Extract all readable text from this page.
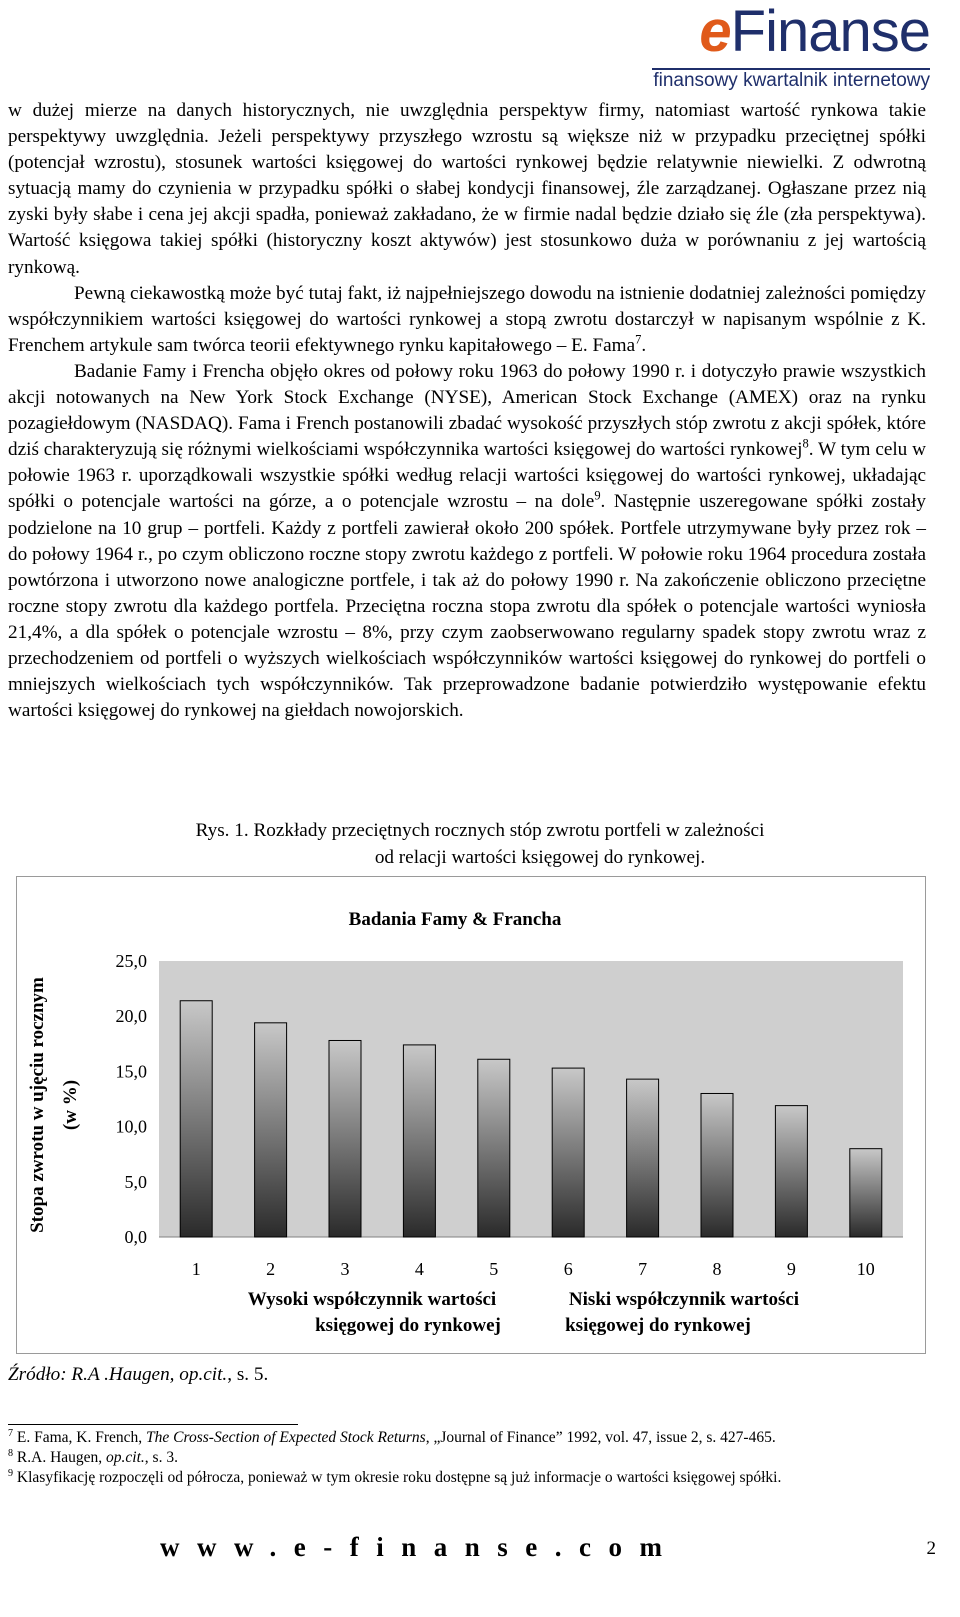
eFinanse
finansowy kwartalnik internetowy

w dużej mierze na danych historycznych, nie uwzględnia perspektyw firmy, natomiast wartość rynkowa takie perspektywy uwzględnia. Jeżeli perspektywy przyszłego wzrostu są większe niż w przypadku przeciętnej spółki (potencjał wzrostu), stosunek wartości księgowej do wartości rynkowej będzie relatywnie niewielki. Z odwrotną sytuacją mamy do czynienia w przypadku spółki o słabej kondycji finansowej, źle zarządzanej. Ogłaszane przez nią zyski były słabe i cena jej akcji spadła, ponieważ zakładano, że w firmie nadal będzie działo się źle (zła perspektywa). Wartość księgowa takiej spółki (historyczny koszt aktywów) jest stosunkowo duża w porównaniu z jej wartością rynkową.

Pewną ciekawostką może być tutaj fakt, iż najpełniejszego dowodu na istnienie dodatniej zależności pomiędzy współczynnikiem wartości księgowej do wartości rynkowej a stopą zwrotu dostarczył w napisanym wspólnie z K. Frenchem artykule sam twórca teorii efektywnego rynku kapitałowego – E. Fama$^7$.

Badanie Famy i Frencha objęło okres od połowy roku 1963 do połowy 1990 r. i dotyczyło prawie wszystkich akcji notowanych na New York Stock Exchange (NYSE), American Stock Exchange (AMEX) oraz na rynku pozagiełdowym (NASDAQ). Fama i French postanowili zbadać wysokość przyszłych stóp zwrotu z akcji spółek, które dziś charakteryzują się różnymi wielkościami współczynnika wartości księgowej do wartości rynkowej$^8$. W tym celu w połowie 1963 r. uporządkowali wszystkie spółki według relacji wartości księgowej do wartości rynkowej, układając spółki o potencjale wartości na górze, a o potencjale wzrostu – na dole$^9$. Następnie uszeregowane spółki zostały podzielone na 10 grup – portfeli. Każdy z portfeli zawierał około 200 spółek. Portfele utrzymywane były przez rok – do połowy 1964 r., po czym obliczono roczne stopy zwrotu każdego z portfeli. W połowie roku 1964 procedura została powtórzona i utworzono nowe analogiczne portfele, i tak aż do połowy 1990 r. Na zakończenie obliczono przeciętne roczne stopy zwrotu dla każdego portfela. Przeciętna roczna stopa zwrotu dla spółek o potencjale wartości wyniosła 21,4%, a dla spółek o potencjale wzrostu – 8%, przy czym zaobserwowano regularny spadek stopy zwrotu wraz z przechodzeniem od portfeli o wyższych wielkościach współczynników wartości księgowej do rynkowej do portfeli o mniejszych wielkościach tych współczynników. Tak przeprowadzone badanie potwierdziło występowanie efektu wartości księgowej do rynkowej na giełdach nowojorskich.

Rys. 1. Rozkłady przeciętnych rocznych stóp zwrotu portfeli w zależności
od relacji wartości księgowej do rynkowej.
Badania Famy & Francha
Stopa zwrotu w ujęciu rocznym (w %)
25,0
20,0
15,0
10,0
5,0
0,0
1	2	3	4	5	6	7	8	9	10
Wysoki współczynnik wartości
księgowej do rynkowej
Niski współczynnik wartości
księgowej do rynkowej
Źródło: R.A .Haugen, op.cit., s. 5.
$^7$ E. Fama, K. French, The Cross-Section of Expected Stock Returns, „Journal of Finance” 1992, vol. 47, issue 2, s. 427-465.
$^8$ R.A. Haugen, op.cit., s. 3.
$^9$ Klasyfikację rozpoczęli od półrocza, ponieważ w tym okresie roku dostępne są już informacje o wartości księgowej spółki.
www.e-finanse.com	2
